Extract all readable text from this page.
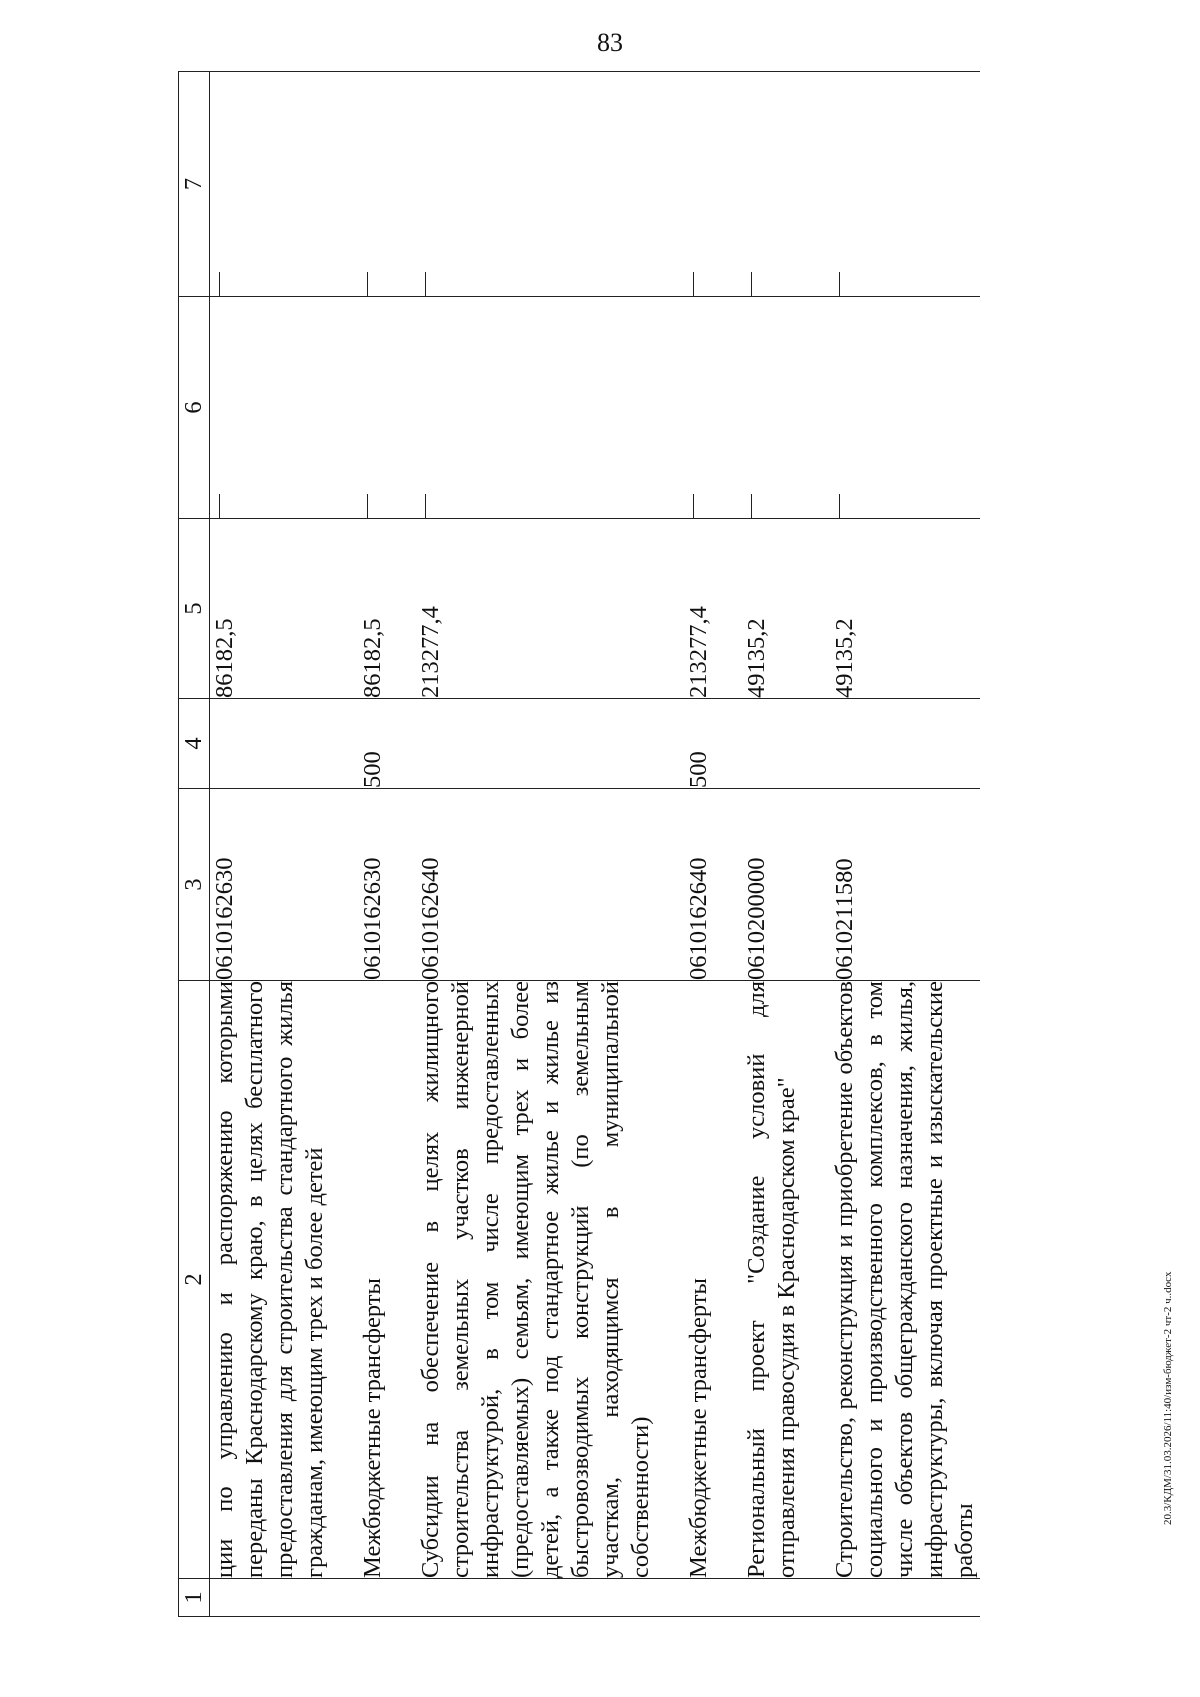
83
1	2	3	4	5	6	7
	ции по управлению и распоряжению которыми переданы Краснодарскому краю, в целях бесплатного предоставления для строительства стандартного жилья гражданам, имеющим трех и более детей	0610162630		86182,5		

	Межбюджетные трансферты	0610162630	500	86182,5		

	Субсидии на обеспечение в целях жилищного строительства земельных участков инженерной инфраструктурой, в том числе предоставленных (предоставляемых) семьям, имеющим трех и более детей, а также под стандартное жилье и жилье из быстровозводимых конструкций (по земельным участкам, находящимся в муниципальной собственности)	0610162640		213277,4		

	Межбюджетные трансферты	0610162640	500	213277,4		

	Региональный проект "Создание условий для отправления правосудия в Краснодарском крае"	0610200000		49135,2		

	Строительство, реконструкция и приобретение объектов социального и производственного комплексов, в том числе объектов общегражданского назначения, жилья, инфраструктуры, включая проектные и изыскательские работы	0610211580		49135,2		
20.3/КДМ/31.03.2026/11:40/изм-бюджет-2 чт-2 ч..docx
